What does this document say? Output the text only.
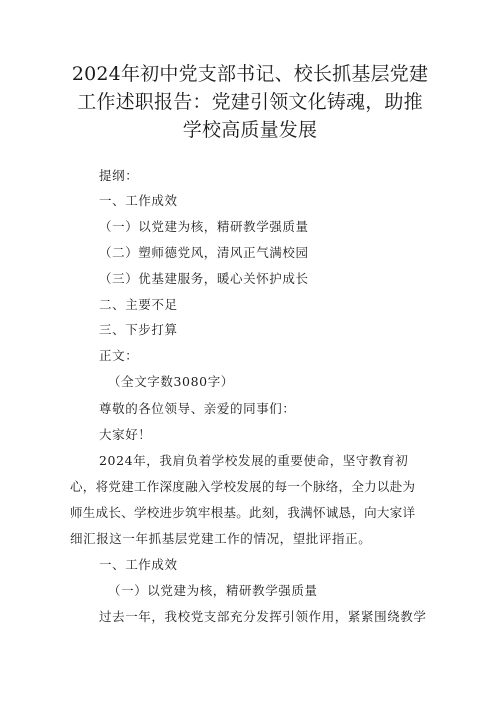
2024年初中党支部书记、校长抓基层党建
工作述职报告：党建引领文化铸魂，助推
学校高质量发展
提纲：
一、工作成效
（一）以党建为核，精研教学强质量
（二）塑师德党风，清风正气满校园
（三）优基建服务，暖心关怀护成长
二、主要不足
三、下步打算
正文：
（全文字数3080字）
尊敬的各位领导、亲爱的同事们：
大家好！
2024年，我肩负着学校发展的重要使命，坚守教育初
心，将党建工作深度融入学校发展的每一个脉络，全力以赴为
师生成长、学校进步筑牢根基。此刻，我满怀诚恳，向大家详
细汇报这一年抓基层党建工作的情况，望批评指正。
一、工作成效
（一）以党建为核，精研教学强质量
过去一年，我校党支部充分发挥引领作用，紧紧围绕教学
